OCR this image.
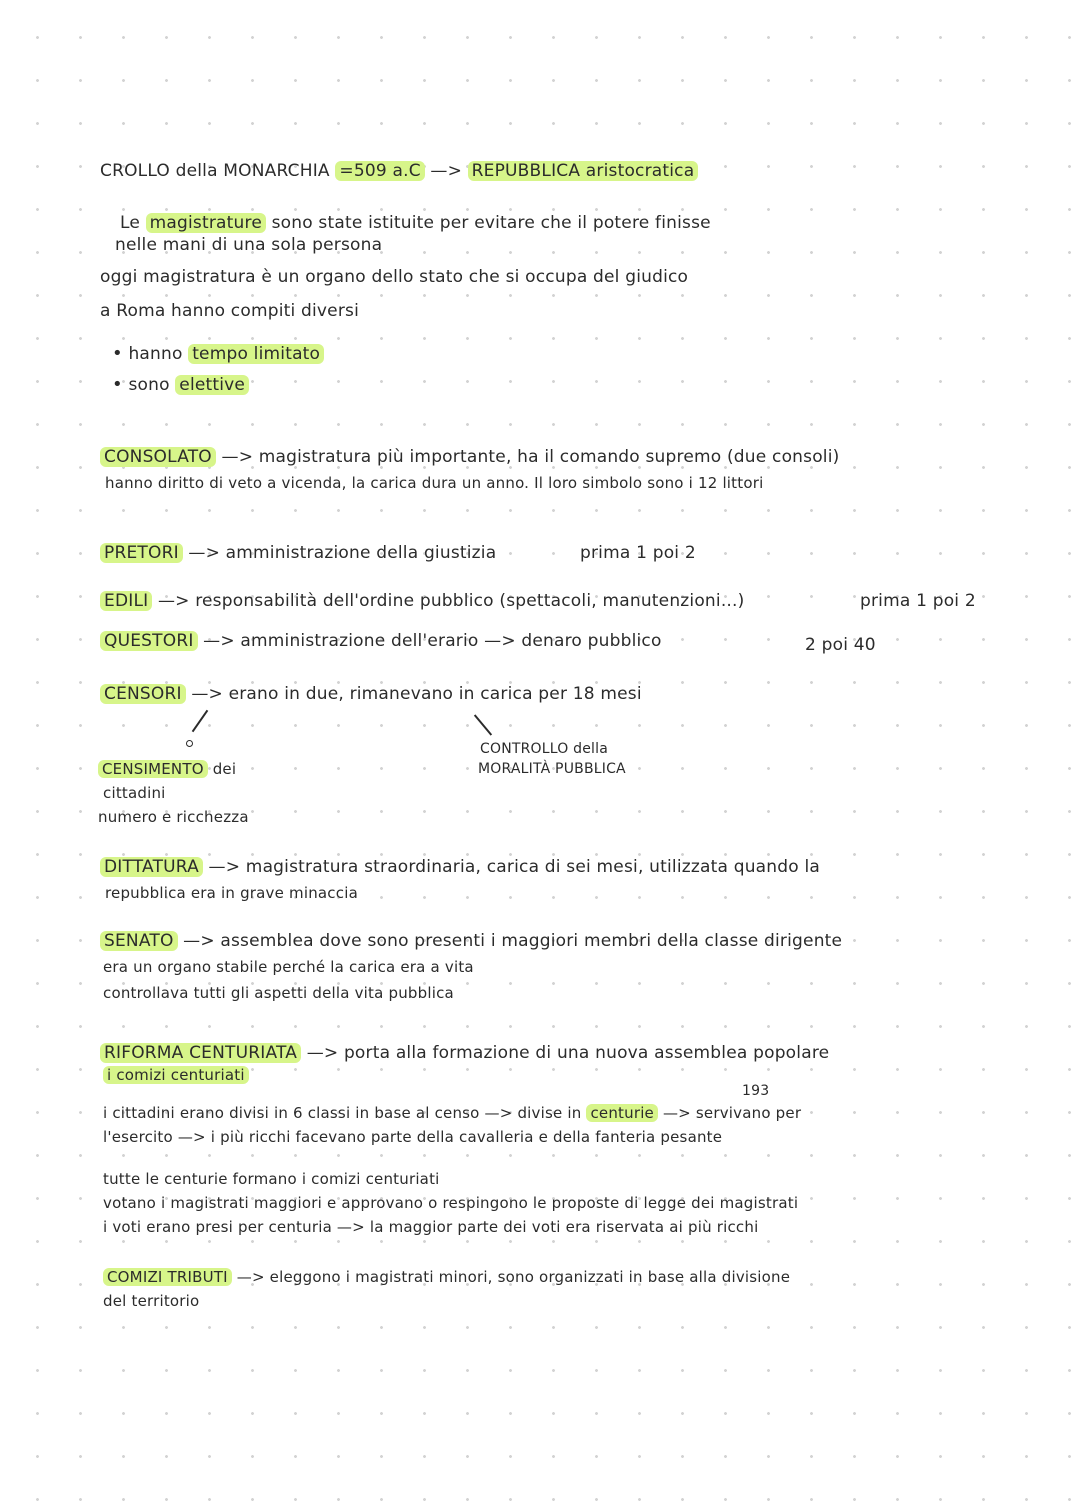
CROLLO della MONARCHIA =509 a.C —> REPUBBLICA aristocratica
Le magistrature sono state istituite per evitare che il potere finisse
nelle mani di una sola persona
oggi magistratura è un organo dello stato che si occupa del giudico
a Roma hanno compiti diversi
• hanno tempo limitato
• sono elettive
CONSOLATO —> magistratura più importante, ha il comando supremo (due consoli)
hanno diritto di veto a vicenda, la carica dura un anno. Il loro simbolo sono i 12 littori
PRETORI —> amministrazione della giustizia	prima 1 poi 2
EDILI —> responsabilità dell'ordine pubblico (spettacoli, manutenzioni...)	prima 1 poi 2
QUESTORI —> amministrazione dell'erario —> denaro pubblico	2 poi 40
CENSORI —> erano in due, rimanevano in carica per 18 mesi
CENSIMENTO dei
cittadini
numero e ricchezza
CONTROLLO della
MORALITÀ PUBBLICA
DITTATURA —> magistratura straordinaria, carica di sei mesi, utilizzata quando la
repubblica era in grave minaccia
SENATO —> assemblea dove sono presenti i maggiori membri della classe dirigente
era un organo stabile perché la carica era a vita
controllava tutti gli aspetti della vita pubblica
RIFORMA CENTURIATA —> porta alla formazione di una nuova assemblea popolare
i comizi centuriati
193
i cittadini erano divisi in 6 classi in base al censo —> divise in centurie —> servivano per
l'esercito —> i più ricchi facevano parte della cavalleria e della fanteria pesante
tutte le centurie formano i comizi centuriati
votano i magistrati maggiori e approvano o respingono le proposte di legge dei magistrati
i voti erano presi per centuria —> la maggior parte dei voti era riservata ai più ricchi
COMIZI TRIBUTI —> eleggono i magistrati minori, sono organizzati in base alla divisione
del territorio
